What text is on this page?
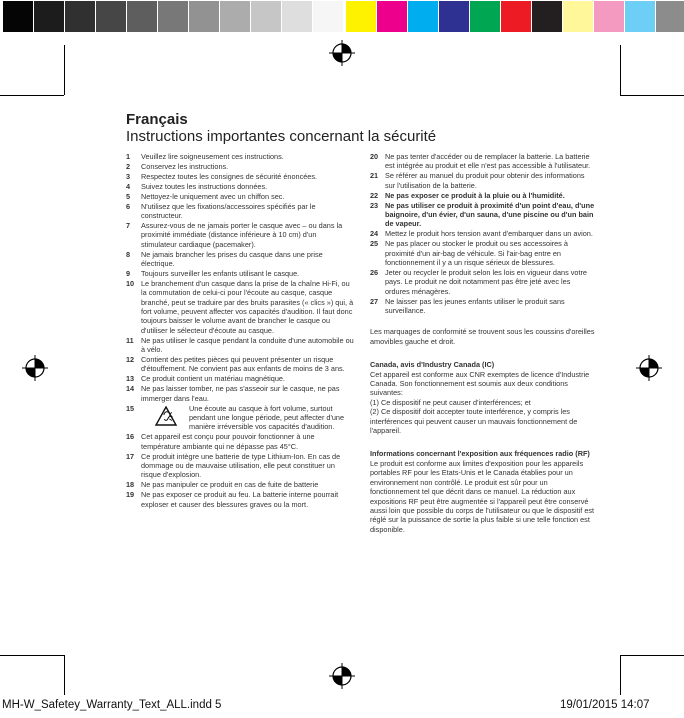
Français
Instructions importantes concernant la sécurité
1	Veuillez lire soigneusement ces instructions.
2	Conservez les instructions.
3	Respectez toutes les consignes de sécurité énoncées.
4	Suivez toutes les instructions données.
5	Nettoyez-le uniquement avec un chiffon sec.
6	N'utilisez que les fixations/accessoires spécifiés par le constructeur.
7	Assurez-vous de ne jamais porter le casque avec – ou dans la proximité immédiate (distance inférieure à 10 cm) d'un stimulateur cardiaque (pacemaker).
8	Ne jamais brancher les prises du casque dans une prise électrique.
9	Toujours surveiller les enfants utilisant le casque.
10 Le branchement d'un casque dans la prise de la chaîne Hi-Fi, ou la commutation de celui-ci pour l'écoute au casque, casque branché, peut se traduire par des bruits parasites (« clics ») qui, à fort volume, peuvent affecter vos capacités d'audition. Il faut donc toujours baisser le volume avant de brancher le casque ou d'utiliser le sélecteur d'écoute au casque.
11 Ne pas utiliser le casque pendant la conduite d'une automobile ou à vélo.
12 Contient des petites pièces qui peuvent présenter un risque d'étouffement. Ne convient pas aux enfants de moins de 3 ans.
13 Ce produit contient un matériau magnétique.
14 Ne pas laisser tomber, ne pas s'asseoir sur le casque, ne pas immerger dans l'eau.
15	Une écoute au casque à fort volume, surtout pendant une longue période, peut affecter d'une manière irréversible vos capacités d'audition.
16 Cet appareil est conçu pour pouvoir fonctionner à une température ambiante qui ne dépasse pas 45°C.
17 Ce produit intègre une batterie de type Lithium-Ion. En cas de dommage ou de mauvaise utilisation, elle peut constituer un risque d'explosion.
18 Ne pas manipuler ce produit en cas de fuite de batterie
19 Ne pas exposer ce produit au feu. La batterie interne pourrait exploser et causer des blessures graves ou la mort.
20 Ne pas tenter d'accéder ou de remplacer la batterie. La batterie est intégrée au produit et elle n'est pas accessible à l'utilisateur.
21 Se référer au manuel du produit pour obtenir des informations sur l'utilisation de la batterie.
22 Ne pas exposer ce produit à la pluie ou à l'humidité.
23 Ne pas utiliser ce produit à proximité d'un point d'eau, d'une baignoire, d'un évier, d'un sauna, d'une piscine ou d'un bain de vapeur.
24 Mettez le produit hors tension avant d'embarquer dans un avion.
25 Ne pas placer ou stocker le produit ou ses accessoires à proximité d'un air-bag de véhicule. Si l'air-bag entre en fonctionnement il y a un risque sérieux de blessures.
26 Jeter ou recycler le produit selon les lois en vigueur dans votre pays. Le produit ne doit notamment pas être jeté avec les ordures ménagères.
27 Ne laisser pas les jeunes enfants utiliser le produit sans surveillance.
Les marquages de conformité se trouvent sous les coussins d'oreilles amovibles gauche et droit.
Canada, avis d'Industry Canada (IC)
Cet appareil est conforme aux CNR exemptes de licence d'Industrie Canada. Son fonctionnement est soumis aux deux conditions suivantes:
(1) Ce dispositif ne peut causer d'interférences; et
(2) Ce dispositif doit accepter toute interférence, y compris les interférences qui peuvent causer un mauvais fonctionnement de l'appareil.
Informations concernant l'exposition aux fréquences radio (RF)
Le produit est conforme aux limites d'exposition pour les appareils portables RF pour les Etats-Unis et le Canada établies pour un environnement non contrôlé. Le produit est sûr pour un fonctionnement tel que décrit dans ce manuel. La réduction aux expositions RF peut être augmentée si l'appareil peut être conservé aussi loin que possible du corps de l'utilisateur ou que le dispositif est réglé sur la puissance de sortie la plus faible si une telle fonction est disponible.
MH-W_Safetey_Warranty_Text_ALL.indd 5	19/01/2015 14:07
